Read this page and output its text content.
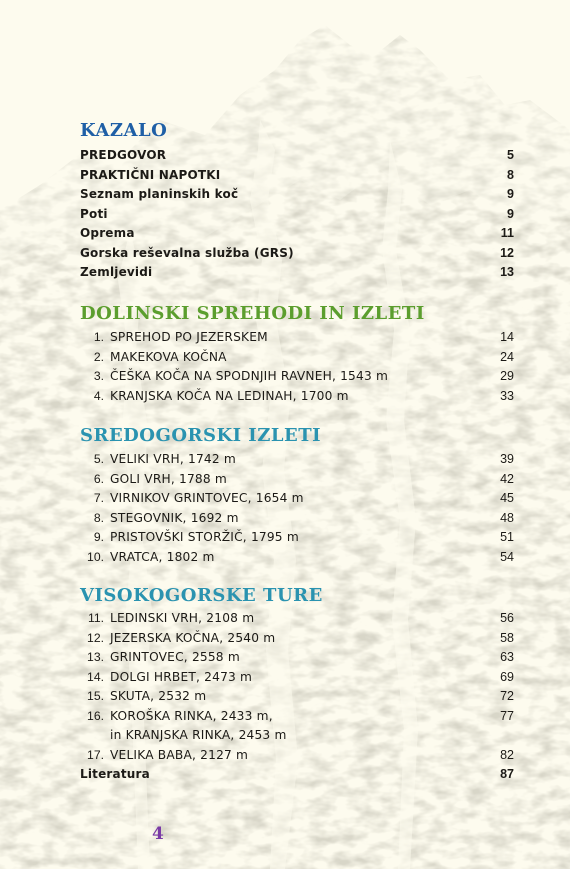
KAZALO
PREDGOVOR	5
PRAKTIČNI NAPOTKI	8
Seznam planinskih koč	9
Poti	9
Oprema	11
Gorska reševalna služba (GRS)	12
Zemljevidi	13
DOLINSKI SPREHODI IN IZLETI
1. SPREHOD PO JEZERSKEM	14
2. MAKEKOVA KOČNA	24
3. ČEŠKA KOČA NA SPODNJIH RAVNEH, 1543 m	29
4. KRANJSKA KOČA NA LEDINAH, 1700 m	33
SREDOGORSKI IZLETI
5. VELIKI VRH, 1742 m	39
6. GOLI VRH, 1788 m	42
7. VIRNIKOV GRINTOVEC, 1654 m	45
8. STEGOVNIK, 1692 m	48
9. PRISTOVŠKI STORŽIČ, 1795 m	51
10. VRATCA, 1802 m	54
VISOKOGORSKE TURE
11. LEDINSKI VRH, 2108 m	56
12. JEZERSKA KOČNA, 2540 m	58
13. GRINTOVEC, 2558 m	63
14. DOLGI HRBET, 2473 m	69
15. SKUTA, 2532 m	72
16. KOROŠKA RINKA, 2433 m,	77
in KRANJSKA RINKA, 2453 m
17. VELIKA BABA, 2127 m	82
Literatura	87

4
